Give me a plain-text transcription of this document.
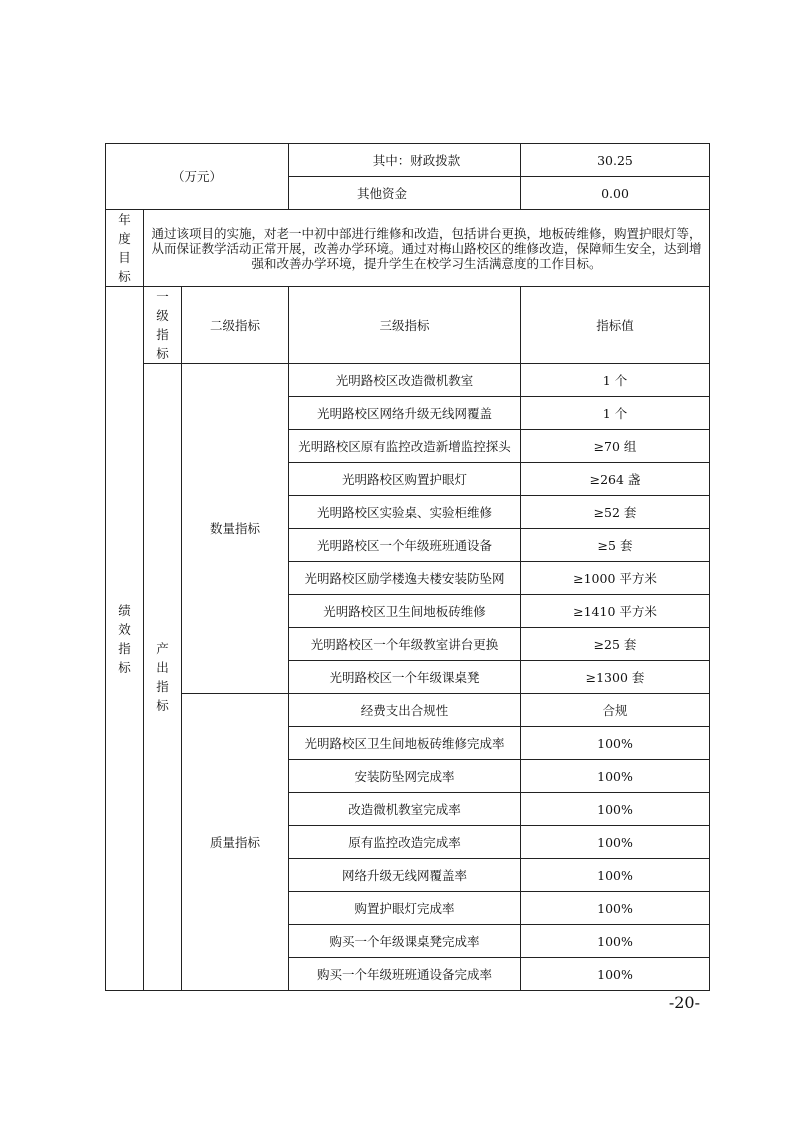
（万元）			其中：财政拨款	30.25
			其他资金	0.00
年度目标	通过该项目的实施，对老一中初中部进行维修和改造，包括讲台更换，地板砖维修，购置护眼灯等，从而保证教学活动正常开展，改善办学环境。通过对梅山路校区的维修改造，保障师生安全，达到增强和改善办学环境，提升学生在校学习生活满意度的工作目标。			
绩效指标	一级指标	二级指标	三级指标	指标值
	产出指标	数量指标	光明路校区改造微机教室	1 个
			光明路校区网络升级无线网覆盖	1 个
			光明路校区原有监控改造新增监控探头	≥70 组
			光明路校区购置护眼灯	≥264 盏
			光明路校区实验桌、实验柜维修	≥52 套
			光明路校区一个年级班班通设备	≥5 套
			光明路校区励学楼逸夫楼安装防坠网	≥1000 平方米
			光明路校区卫生间地板砖维修	≥1410 平方米
			光明路校区一个年级教室讲台更换	≥25 套
			光明路校区一个年级课桌凳	≥1300 套
		质量指标	经费支出合规性	合规
			光明路校区卫生间地板砖维修完成率	100%
			安装防坠网完成率	100%
			改造微机教室完成率	100%
			原有监控改造完成率	100%
			网络升级无线网覆盖率	100%
			购置护眼灯完成率	100%
			购买一个年级课桌凳完成率	100%
			购买一个年级班班通设备完成率	100%
-20-
